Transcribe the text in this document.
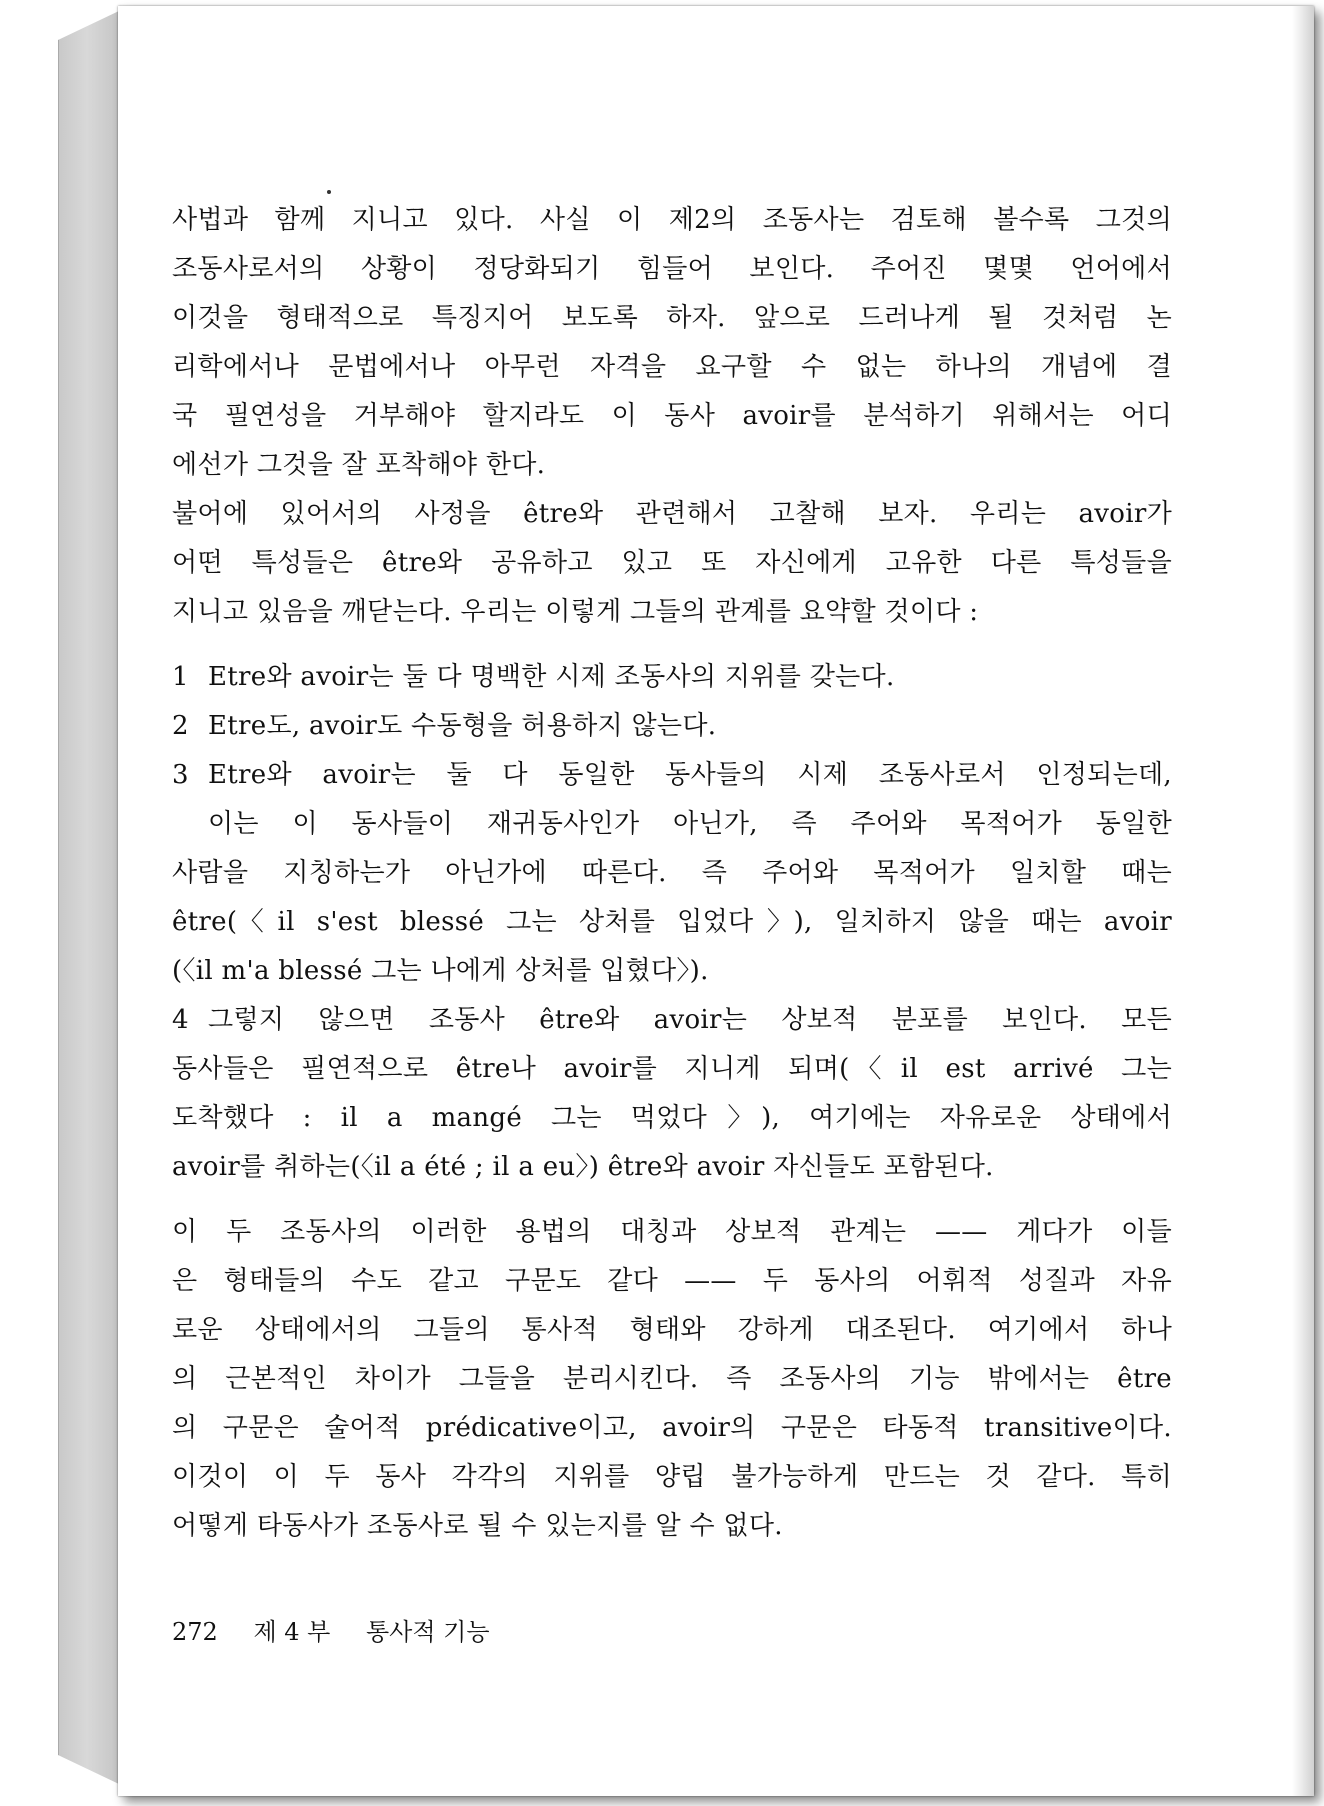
사법과 함께 지니고 있다. 사실 이 제2의 조동사는 검토해 볼수록 그것의
조동사로서의 상황이 정당화되기 힘들어 보인다. 주어진 몇몇 언어에서
이것을 형태적으로 특징지어 보도록 하자. 앞으로 드러나게 될 것처럼 논
리학에서나 문법에서나 아무런 자격을 요구할 수 없는 하나의 개념에 결
국 필연성을 거부해야 할지라도 이 동사 avoir를 분석하기 위해서는 어디
에선가 그것을 잘 포착해야 한다.
불어에 있어서의 사정을 être와 관련해서 고찰해 보자. 우리는 avoir가
어떤 특성들은 être와 공유하고 있고 또 자신에게 고유한 다른 특성들을
지니고 있음을 깨닫는다. 우리는 이렇게 그들의 관계를 요약할 것이다 :
1 Etre와 avoir는 둘 다 명백한 시제 조동사의 지위를 갖는다.
2 Etre도, avoir도 수동형을 허용하지 않는다.
3 Etre와 avoir는 둘 다 동일한 동사들의 시제 조동사로서 인정되는데,
이는 이 동사들이 재귀동사인가 아닌가, 즉 주어와 목적어가 동일한
사람을 지칭하는가 아닌가에 따른다. 즉 주어와 목적어가 일치할 때는
être(〈il s'est blessé 그는 상처를 입었다〉), 일치하지 않을 때는 avoir
(〈il m'a blessé 그는 나에게 상처를 입혔다〉).
4 그렇지 않으면 조동사 être와 avoir는 상보적 분포를 보인다. 모든
동사들은 필연적으로 être나 avoir를 지니게 되며(〈il est arrivé 그는
도착했다 : il a mangé 그는 먹었다〉), 여기에는 자유로운 상태에서
avoir를 취하는(〈il a été ; il a eu〉) être와 avoir 자신들도 포함된다.
이 두 조동사의 이러한 용법의 대칭과 상보적 관계는 —— 게다가 이들
은 형태들의 수도 같고 구문도 같다 —— 두 동사의 어휘적 성질과 자유
로운 상태에서의 그들의 통사적 형태와 강하게 대조된다. 여기에서 하나
의 근본적인 차이가 그들을 분리시킨다. 즉 조동사의 기능 밖에서는 être
의 구문은 술어적 prédicative이고, avoir의 구문은 타동적 transitive이다.
이것이 이 두 동사 각각의 지위를 양립 불가능하게 만드는 것 같다. 특히
어떻게 타동사가 조동사로 될 수 있는지를 알 수 없다.
272 제 4 부 통사적 기능
